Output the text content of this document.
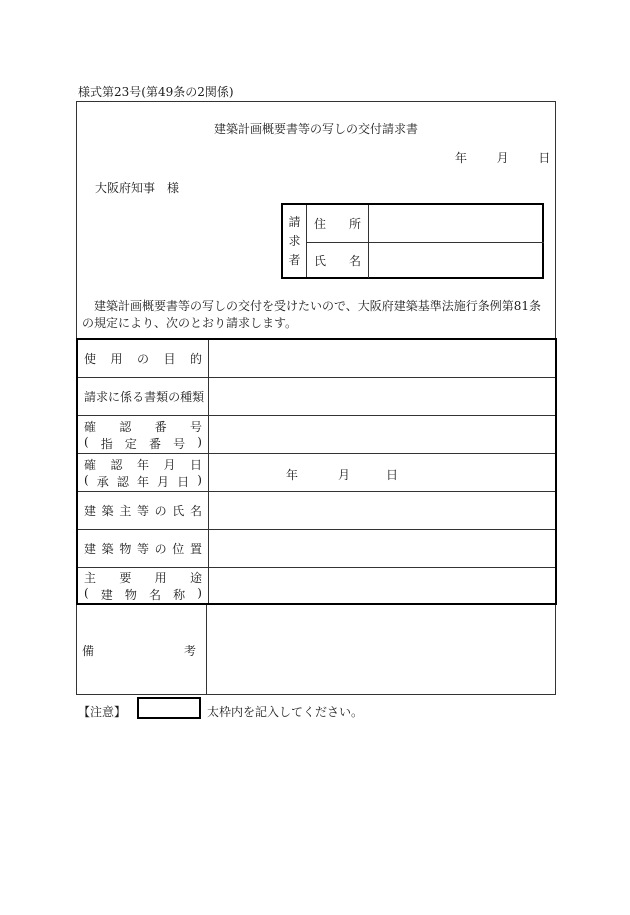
様式第23号(第49条の2関係)
建築計画概要書等の写しの交付請求書
年 月 日
大阪府知事　様
請
求
者
住 所
氏 名
建築計画概要書等の写しの交付を受けたいので、大阪府建築基準法施行条例第81条の規定により、次のとおり請求します。
使 用 の 目 的
請 求 に 係 る 書 類 の 種 類
確 認 番 号
( 指 定 番 号 )
確 認 年 月 日
( 承 認 年 月 日 )	年	月	日
建 築 主 等 の 氏 名
建 築 物 等 の 位 置
主 要 用 途
( 建 物 名 称 )
備	考
【注意】	太枠内を記入してください。
